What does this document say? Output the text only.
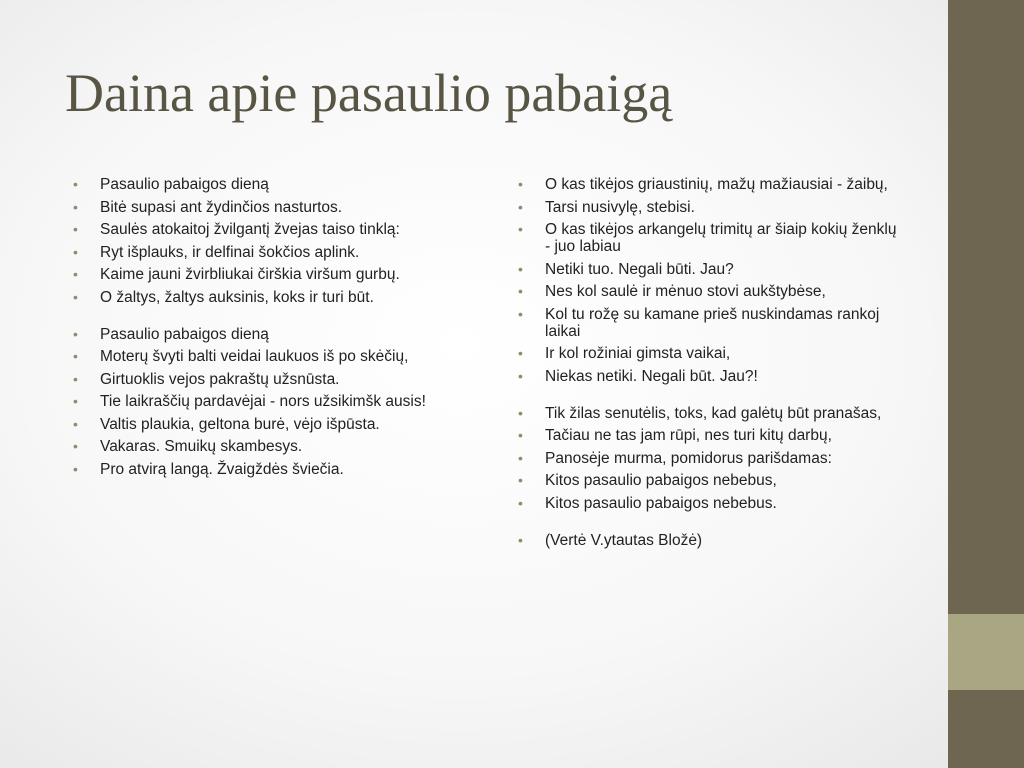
Daina apie pasaulio pabaigą
• Pasaulio pabaigos dieną
• Bitė supasi ant žydinčios nasturtos.
• Saulės atokaitoj žvilgantį žvejas taiso tinklą:
• Ryt išplauks, ir delfinai šokčios aplink.
• Kaime jauni žvirbliukai čirškia viršum gurbų.
• O žaltys, žaltys auksinis, koks ir turi būt.
• Pasaulio pabaigos dieną
• Moterų švyti balti veidai laukuos iš po skėčių,
• Girtuoklis vejos pakraštų užsnūsta.
• Tie laikraščių pardavėjai - nors užsikimšk ausis!
• Valtis plaukia, geltona burė, vėjo išpūsta.
• Vakaras. Smuikų skambesys.
• Pro atvirą langą. Žvaigždės šviečia.
• O kas tikėjos griaustinių, mažų mažiausiai - žaibų,
• Tarsi nusivylę, stebisi.
• O kas tikėjos arkangelų trimitų ar šiaip kokių ženklų - juo labiau
• Netiki tuo. Negali būti. Jau?
• Nes kol saulė ir mėnuo stovi aukštybėse,
• Kol tu rožę su kamane prieš nuskindamas rankoj laikai
• Ir kol rožiniai gimsta vaikai,
• Niekas netiki. Negali būt. Jau?!
• Tik žilas senutėlis, toks, kad galėtų būt pranašas,
• Tačiau ne tas jam rūpi, nes turi kitų darbų,
• Panosėje murma, pomidorus parišdamas:
• Kitos pasaulio pabaigos nebebus,
• Kitos pasaulio pabaigos nebebus.
• (Vertė V.ytautas Bložė)
